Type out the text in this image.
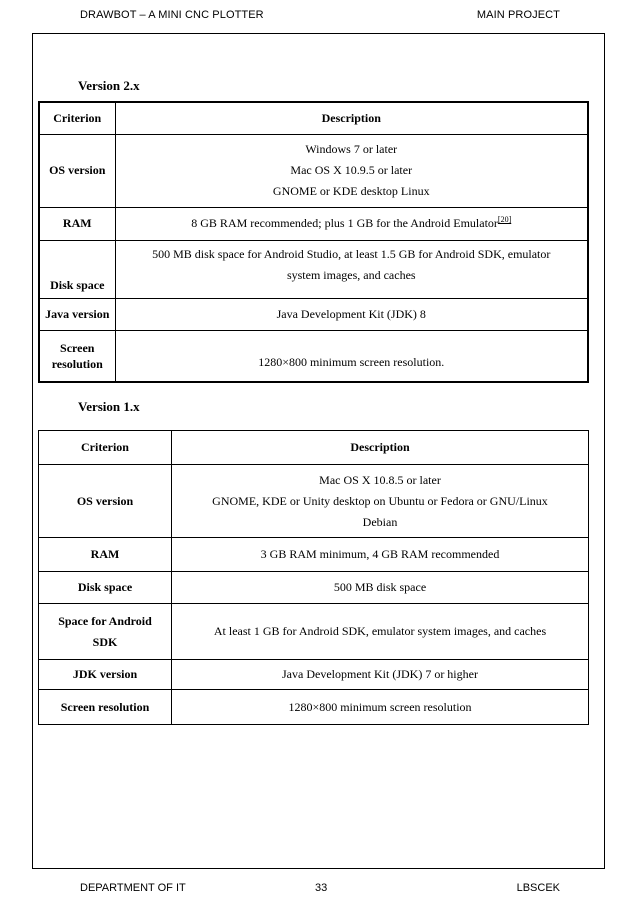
DRAWBOT – A MINI CNC PLOTTER	MAIN PROJECT
Version 2.x
Criterion	Description
OS version	Windows 7 or later
Mac OS X 10.9.5 or later
GNOME or KDE desktop Linux

RAM	8 GB RAM recommended; plus 1 GB for the Android Emulator[20]
Disk space	500 MB disk space for Android Studio, at least 1.5 GB for Android SDK, emulator
system images, and caches

Java version	Java Development Kit (JDK) 8

Screen
resolution	1280×800 minimum screen resolution.
Version 1.x
Criterion	Description
OS version	Mac OS X 10.8.5 or later
GNOME, KDE or Unity desktop on Ubuntu or Fedora or GNU/Linux
Debian

RAM	3 GB RAM minimum, 4 GB RAM recommended
Disk space	500 MB disk space

Space for Android
SDK	At least 1 GB for Android SDK, emulator system images, and caches
JDK version	Java Development Kit (JDK) 7 or higher
Screen resolution	1280×800 minimum screen resolution
DEPARTMENT OF IT	33	LBSCEK
